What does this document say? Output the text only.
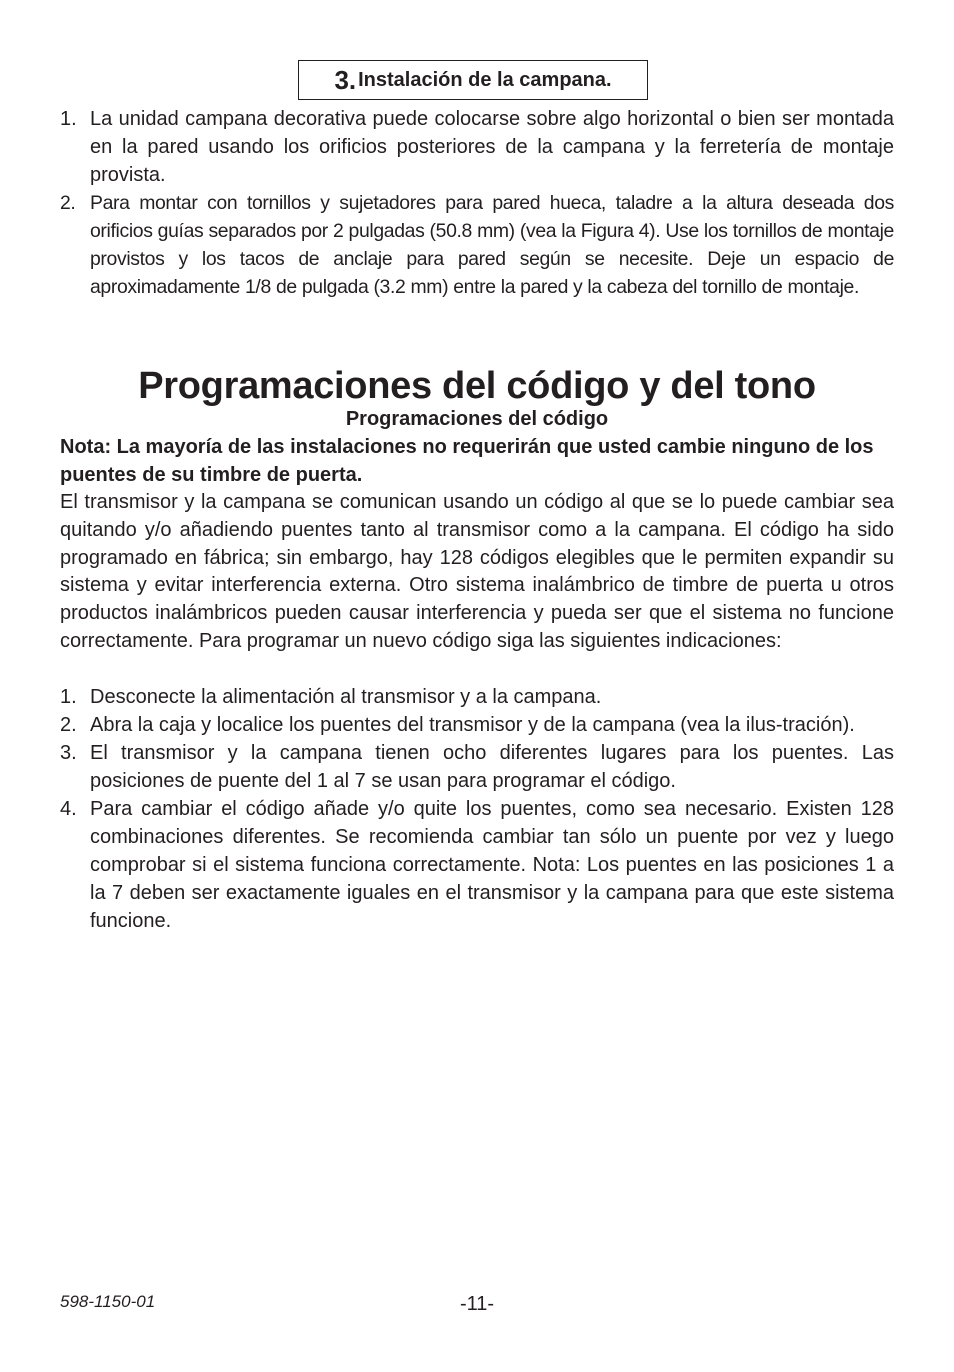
3. Instalación de la campana.
1. La unidad campana decorativa puede colocarse sobre algo horizontal o bien ser montada en la pared usando los orificios posteriores de la campana y la ferretería de montaje provista.
2. Para montar con tornillos y sujetadores para pared hueca, taladre a la altura deseada dos orificios guías separados por 2 pulgadas (50.8 mm) (vea la Figura 4). Use los tornillos de montaje provistos y los tacos de anclaje para pared según se necesite. Deje un espacio de aproximadamente 1/8 de pulgada (3.2 mm) entre la pared y la cabeza del tornillo de montaje.
Programaciones del código y del tono
Programaciones del código

Nota: La mayoría de las instalaciones no requerirán que usted cambie ninguno de los puentes de su timbre de puerta.

El transmisor y la campana se comunican usando un código al que se lo puede cambiar sea quitando y/o añadiendo puentes tanto al transmisor como a la campana. El código ha sido programado en fábrica; sin embargo, hay 128 códigos elegibles que le permiten expandir su sistema y evitar interferencia externa. Otro sistema inalámbrico de timbre de puerta u otros productos inalámbricos pueden causar interferencia y pueda ser que el sistema no funcione correctamente. Para programar un nuevo código siga las siguientes indicaciones:

1. Desconecte la alimentación al transmisor y a la campana.
2. Abra la caja y localice los puentes del transmisor y de la campana (vea la ilus-tración).
3. El transmisor y la campana tienen ocho diferentes lugares para los puentes. Las posiciones de puente del 1 al 7 se usan para programar el código.
4. Para cambiar el código añade y/o quite los puentes, como sea necesario. Existen 128 combinaciones diferentes. Se recomienda cambiar tan sólo un puente por vez y luego comprobar si el sistema funciona correctamente. Nota: Los puentes en las posiciones 1 a la 7 deben ser exactamente iguales en el transmisor y la campana para que este sistema funcione.
598-1150-01	-11-
